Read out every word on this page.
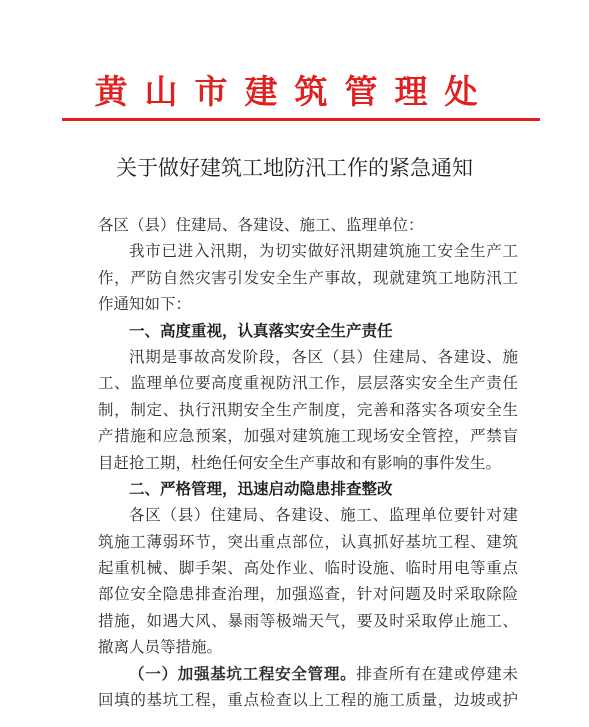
黄山市建筑管理处
关于做好建筑工地防汛工作的紧急通知
各区（县）住建局、各建设、施工、监理单位：
我市已进入汛期，为切实做好汛期建筑施工安全生产工
作，严防自然灾害引发安全生产事故，现就建筑工地防汛工
作通知如下：
一、高度重视，认真落实安全生产责任
汛期是事故高发阶段，各区（县）住建局、各建设、施
工、监理单位要高度重视防汛工作，层层落实安全生产责任
制，制定、执行汛期安全生产制度，完善和落实各项安全生
产措施和应急预案，加强对建筑施工现场安全管控，严禁盲
目赶抢工期，杜绝任何安全生产事故和有影响的事件发生。
二、严格管理，迅速启动隐患排查整改
各区（县）住建局、各建设、施工、监理单位要针对建
筑施工薄弱环节，突出重点部位，认真抓好基坑工程、建筑
起重机械、脚手架、高处作业、临时设施、临时用电等重点
部位安全隐患排查治理，加强巡查，针对问题及时采取除险
措施，如遇大风、暴雨等极端天气，要及时采取停止施工、
撤离人员等措施。
（一）加强基坑工程安全管理。排查所有在建或停建未
回填的基坑工程，重点检查以上工程的施工质量，边坡或护
